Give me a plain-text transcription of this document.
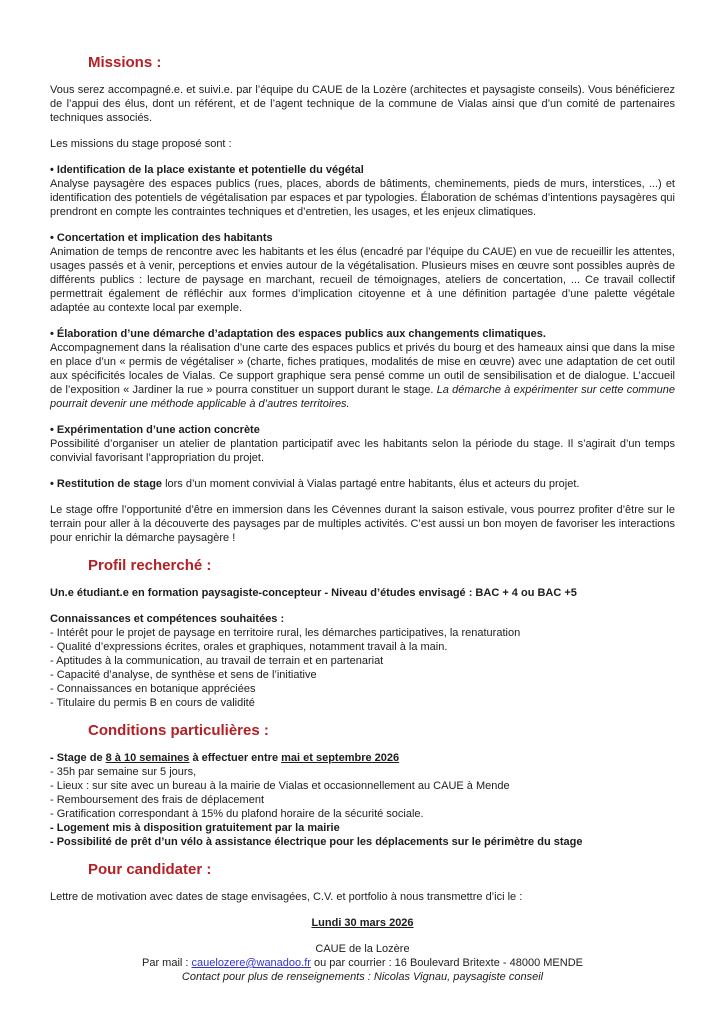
Missions :

Vous serez accompagné.e. et suivi.e. par l’équipe du CAUE de la Lozère (architectes et paysagiste conseils). Vous bénéficierez de l’appui des élus, dont un référent, et de l’agent technique de la commune de Vialas ainsi que d’un comité de partenaires techniques associés.

Les missions du stage proposé sont :

• Identification de la place existante et potentielle du végétal

Analyse paysagère des espaces publics (rues, places, abords de bâtiments, cheminements, pieds de murs, interstices, ...) et identification des potentiels de végétalisation par espaces et par typologies. Élaboration de schémas d’intentions paysagères qui prendront en compte les contraintes techniques et d’entretien, les usages, et les enjeux climatiques.

• Concertation et implication des habitants

Animation de temps de rencontre avec les habitants et les élus (encadré par l’équipe du CAUE) en vue de recueillir les attentes, usages passés et à venir, perceptions et envies autour de la végétalisation. Plusieurs mises en œuvre sont possibles auprès de différents publics : lecture de paysage en marchant, recueil de témoignages, ateliers de concertation, ... Ce travail collectif permettrait également de réfléchir aux formes d’implication citoyenne et à une définition partagée d’une palette végétale adaptée au contexte local par exemple.

• Élaboration d’une démarche d’adaptation des espaces publics aux changements climatiques.

Accompagnement dans la réalisation d’une carte des espaces publics et privés du bourg et des hameaux ainsi que dans la mise en place d’un « permis de végétaliser » (charte, fiches pratiques, modalités de mise en œuvre) avec une adaptation de cet outil aux spécificités locales de Vialas. Ce support graphique sera pensé comme un outil de sensibilisation et de dialogue. L’accueil de l’exposition « Jardiner la rue » pourra constituer un support durant le stage. La démarche à expérimenter sur cette commune pourrait devenir une méthode applicable à d’autres territoires.

• Expérimentation d’une action concrète

Possibilité d’organiser un atelier de plantation participatif avec les habitants selon la période du stage. Il s’agirait d’un temps convivial favorisant l’appropriation du projet.

• Restitution de stage lors d’un moment convivial à Vialas partagé entre habitants, élus et acteurs du projet.

Le stage offre l’opportunité d’être en immersion dans les Cévennes durant la saison estivale, vous pourrez profiter d’être sur le terrain pour aller à la découverte des paysages par de multiples activités. C’est aussi un bon moyen de favoriser les interactions pour enrichir la démarche paysagère !

Profil recherché :

Un.e étudiant.e en formation paysagiste-concepteur - Niveau d’études envisagé : BAC + 4 ou BAC +5

Connaissances et compétences souhaitées :

- Intérêt pour le projet de paysage en territoire rural, les démarches participatives, la renaturation

- Qualité d’expressions écrites, orales et graphiques, notamment travail à la main.

- Aptitudes à la communication, au travail de terrain et en partenariat

- Capacité d’analyse, de synthèse et sens de l’initiative

- Connaissances en botanique appréciées

- Titulaire du permis B en cours de validité

Conditions particulières :

- Stage de 8 à 10 semaines à effectuer entre mai et septembre 2026

- 35h par semaine sur 5 jours,

- Lieux : sur site avec un bureau à la mairie de Vialas et occasionnellement au CAUE à Mende

- Remboursement des frais de déplacement

- Gratification correspondant à 15% du plafond horaire de la sécurité sociale.

- Logement mis à disposition gratuitement par la mairie

- Possibilité de prêt d’un vélo à assistance électrique pour les déplacements sur le périmètre du stage

Pour candidater :

Lettre de motivation avec dates de stage envisagées, C.V. et portfolio à nous transmettre d’ici le :

Lundi 30 mars 2026

CAUE de la Lozère

Par mail : cauelozere@wanadoo.fr ou par courrier : 16 Boulevard Britexte - 48000 MENDE

Contact pour plus de renseignements : Nicolas Vignau, paysagiste conseil
